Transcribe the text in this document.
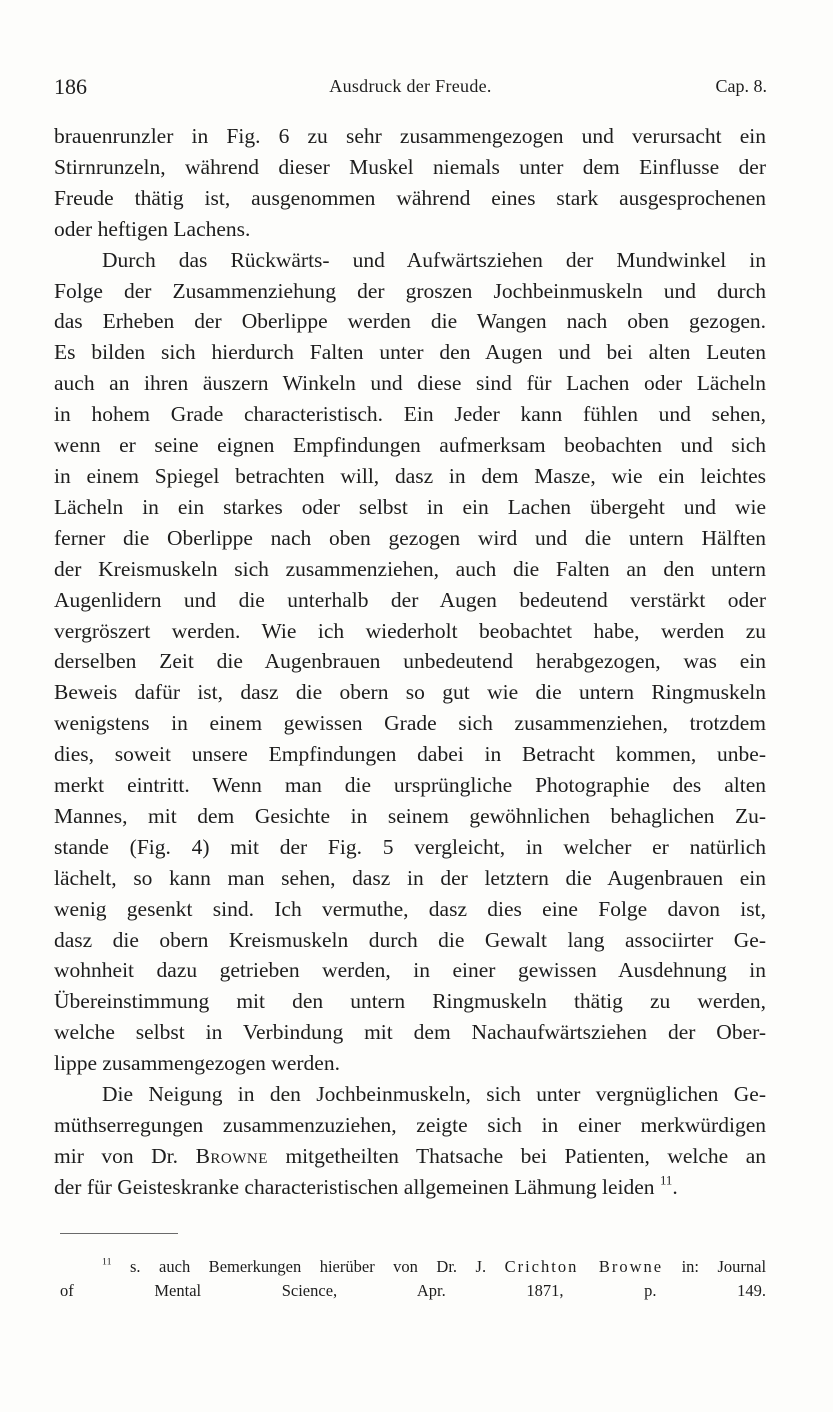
186	Ausdruck der Freude.	Cap. 8.

brauenrunzler in Fig. 6 zu sehr zusammengezogen und verursacht ein
Stirnrunzeln, während dieser Muskel niemals unter dem Einflusse der
Freude thätig ist, ausgenommen während eines stark ausgesprochenen
oder heftigen Lachens.

Durch das Rückwärts- und Aufwärtsziehen der Mundwinkel in
Folge der Zusammenziehung der groszen Jochbeinmuskeln und durch
das Erheben der Oberlippe werden die Wangen nach oben gezogen.
Es bilden sich hierdurch Falten unter den Augen und bei alten Leuten
auch an ihren äuszern Winkeln und diese sind für Lachen oder Lächeln
in hohem Grade characteristisch. Ein Jeder kann fühlen und sehen,
wenn er seine eignen Empfindungen aufmerksam beobachten und sich
in einem Spiegel betrachten will, dasz in dem Masze, wie ein leichtes
Lächeln in ein starkes oder selbst in ein Lachen übergeht und wie
ferner die Oberlippe nach oben gezogen wird und die untern Hälften
der Kreismuskeln sich zusammenziehen, auch die Falten an den untern
Augenlidern und die unterhalb der Augen bedeutend verstärkt oder
vergröszert werden. Wie ich wiederholt beobachtet habe, werden zu
derselben Zeit die Augenbrauen unbedeutend herabgezogen, was ein
Beweis dafür ist, dasz die obern so gut wie die untern Ringmuskeln
wenigstens in einem gewissen Grade sich zusammenziehen, trotzdem
dies, soweit unsere Empfindungen dabei in Betracht kommen, unbe-
merkt eintritt. Wenn man die ursprüngliche Photographie des alten
Mannes, mit dem Gesichte in seinem gewöhnlichen behaglichen Zu-
stande (Fig. 4) mit der Fig. 5 vergleicht, in welcher er natürlich
lächelt, so kann man sehen, dasz in der letztern die Augenbrauen ein
wenig gesenkt sind. Ich vermuthe, dasz dies eine Folge davon ist,
dasz die obern Kreismuskeln durch die Gewalt lang associirter Ge-
wohnheit dazu getrieben werden, in einer gewissen Ausdehnung in
Übereinstimmung mit den untern Ringmuskeln thätig zu werden,
welche selbst in Verbindung mit dem Nachaufwärtsziehen der Ober-
lippe zusammengezogen werden.

Die Neigung in den Jochbeinmuskeln, sich unter vergnüglichen Ge-
müthserregungen zusammenzuziehen, zeigte sich in einer merkwürdigen
mir von Dr. Browne mitgetheilten Thatsache bei Patienten, welche an
der für Geisteskranke characteristischen allgemeinen Lähmung leiden $^{11}$.

$^{11}$ s. auch Bemerkungen hierüber von Dr. J. Crichton Browne in: Journal
of Mental Science, Apr. 1871, p. 149.
